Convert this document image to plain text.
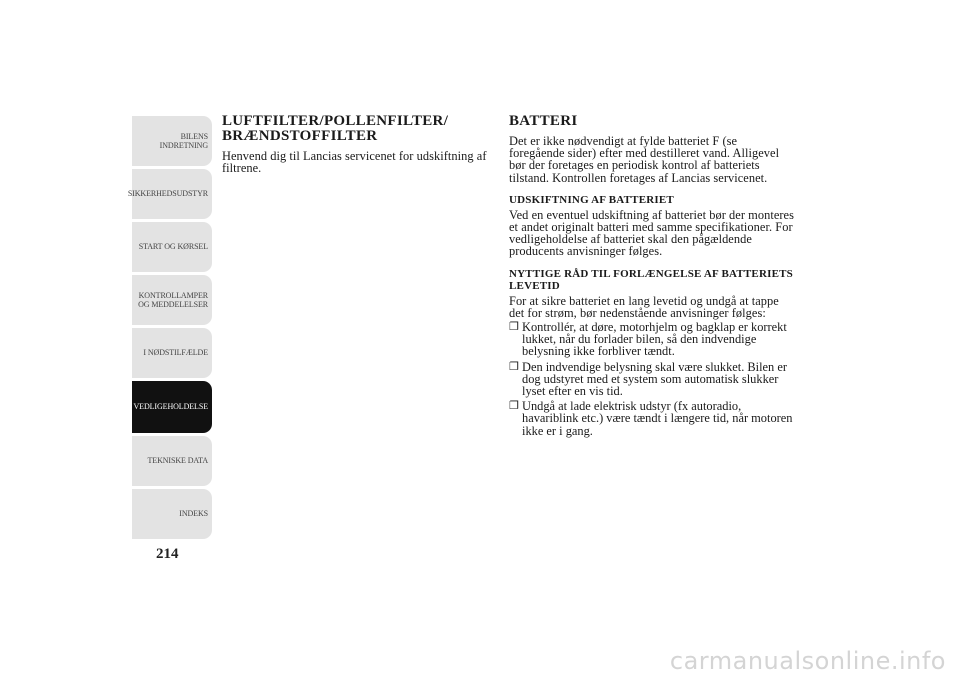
BILENS
INDRETNING
SIKKERHEDSUDSTYR
START OG KØRSEL
KONTROLLAMPER
OG MEDDELELSER
I NØDSTILFÆLDE
VEDLIGEHOLDELSE
TEKNISKE DATA
INDEKS
214
LUFTFILTER/POLLENFILTER/
BRÆNDSTOFFILTER

Henvend dig til Lancias servicenet for udskiftning af filtrene.

BATTERI

Det er ikke nødvendigt at fylde batteriet F (se foregående sider) efter med destilleret vand. Alligevel bør der foretages en periodisk kontrol af batteriets tilstand. Kontrollen foretages af Lancias servicenet.

UDSKIFTNING AF BATTERIET

Ved en eventuel udskiftning af batteriet bør der monteres et andet originalt batteri med samme specifikationer. For vedligeholdelse af batteriet skal den pågældende producents anvisninger følges.

NYTTIGE RÅD TIL FORLÆNGELSE AF BATTERIETS LEVETID

For at sikre batteriet en lang levetid og undgå at tappe det for strøm, bør nedenstående anvisninger følges:

❐ Kontrollér, at døre, motorhjelm og bagklap er korrekt lukket, når du forlader bilen, så den indvendige belysning ikke forbliver tændt.
❐ Den indvendige belysning skal være slukket. Bilen er dog udstyret med et system som automatisk slukker lyset efter en vis tid.
❐ Undgå at lade elektrisk udstyr (fx autoradio, havariblink etc.) være tændt i længere tid, når motoren ikke er i gang.
carmanualsonline.info
